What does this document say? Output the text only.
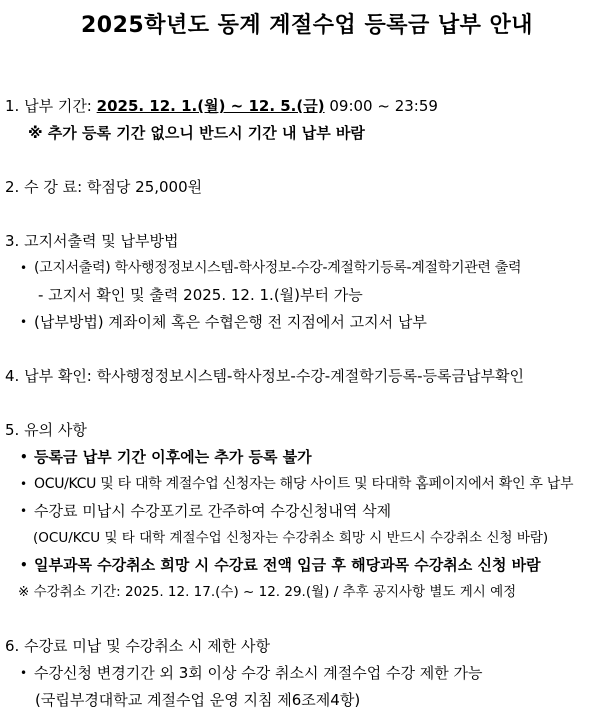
2025학년도 동계 계절수업 등록금 납부 안내
1. 납부 기간: 2025. 12. 1.(월) ~ 12. 5.(금) 09:00 ~ 23:59
※ 추가 등록 기간 없으니 반드시 기간 내 납부 바람
2. 수 강 료: 학점당 25,000원
3. 고지서출력 및 납부방법
• (고지서출력) 학사행정정보시스템-학사정보-수강-계절학기등록-계절학기관련 출력
- 고지서 확인 및 출력 2025. 12. 1.(월)부터 가능
• (납부방법) 계좌이체 혹은 수협은행 전 지점에서 고지서 납부
4. 납부 확인: 학사행정정보시스템-학사정보-수강-계절학기등록-등록금납부확인
5. 유의 사항
• 등록금 납부 기간 이후에는 추가 등록 불가
• OCU/KCU 및 타 대학 계절수업 신청자는 해당 사이트 및 타대학 홈페이지에서 확인 후 납부
• 수강료 미납시 수강포기로 간주하여 수강신청내역 삭제
(OCU/KCU 및 타 대학 계절수업 신청자는 수강취소 희망 시 반드시 수강취소 신청 바람)
• 일부과목 수강취소 희망 시 수강료 전액 입금 후 해당과목 수강취소 신청 바람
※ 수강취소 기간: 2025. 12. 17.(수) ~ 12. 29.(월) / 추후 공지사항 별도 게시 예정
6. 수강료 미납 및 수강취소 시 제한 사항
• 수강신청 변경기간 외 3회 이상 수강 취소시 계절수업 수강 제한 가능
(국립부경대학교 계절수업 운영 지침 제6조제4항)
